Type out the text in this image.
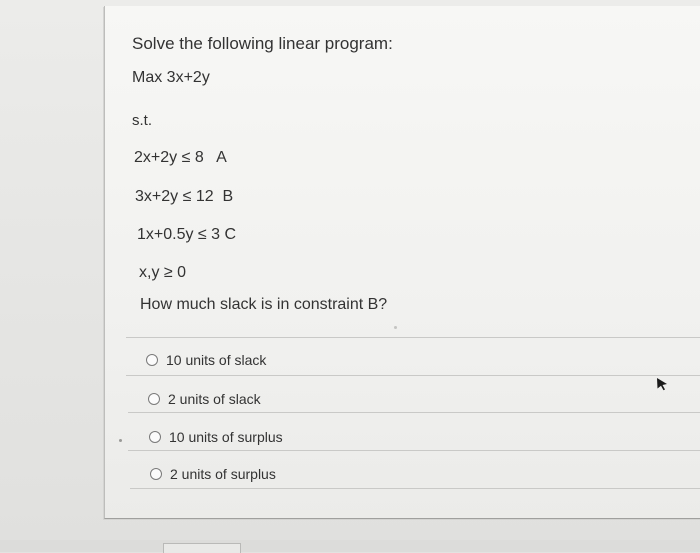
Solve the following linear program:
Max 3x+2y
s.t.
2x+2y ≤ 8   A
3x+2y ≤ 12  B
1x+0.5y ≤ 3 C
x,y ≥ 0
How much slack is in constraint B?
10 units of slack
2 units of slack
10 units of surplus
2 units of surplus
